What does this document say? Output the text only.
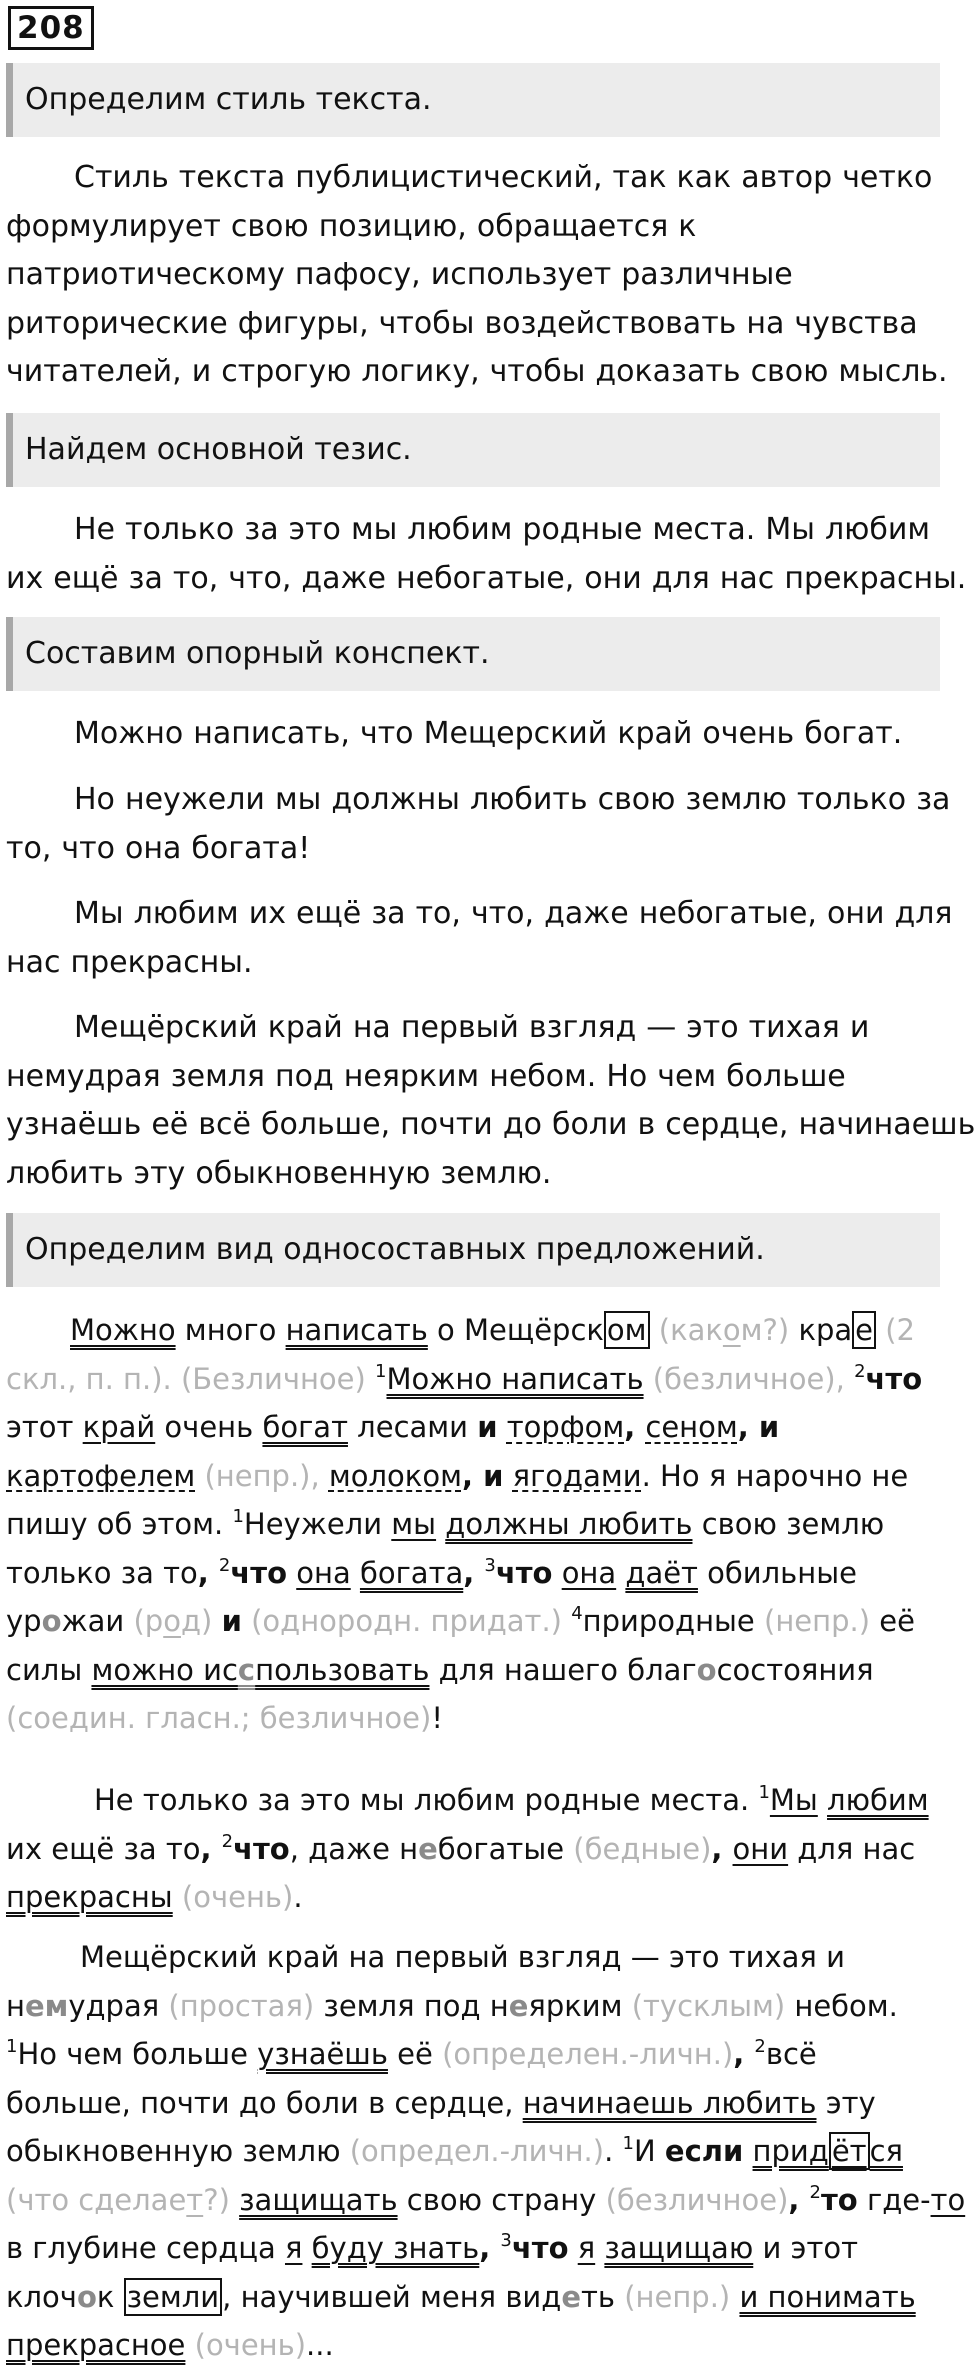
208
Определим стиль текста.
Стиль текста публицистический, так как автор четко
формулирует свою позицию, обращается к
патриотическому пафосу, использует различные
риторические фигуры, чтобы воздействовать на чувства
читателей, и строгую логику, чтобы доказать свою мысль.
Найдем основной тезис.
Не только за это мы любим родные места. Мы любим
их ещё за то, что, даже небогатые, они для нас прекрасны.
Составим опорный конспект.
Можно написать, что Мещерский край очень богат.
Но неужели мы должны любить свою землю только за
то, что она богата!
Мы любим их ещё за то, что, даже небогатые, они для
нас прекрасны.
Мещёрский край на первый взгляд — это тихая и
немудрая земля под неярким небом. Но чем больше
узнаёшь её всё больше, почти до боли в сердце, начинаешь
любить эту обыкновенную землю.
Определим вид односоставных предложений.
Можно много написать о Мещёрск ом (каком?) кра е (2
скл., п. п.). (Безличное) $^1$Можно написать (безличное), $^2$что
этот край очень богат лесами и торфом, сеном, и
картофелем (непр.), молоком, и ягодами. Но я нарочно не
пишу об этом. $^1$Неужели мы должны любить свою землю
только за то, $^2$что она богата, $^3$что она даёт обильные
урожаи (род) и (однородн. придат.) $^4$природные (непр.) её
силы можно исспользовать для нашего благосостояния
(соедин. гласн.; безличное)!
Не только за это мы любим родные места. $^1$Мы любим
их ещё за то, $^2$что, даже небогатые (бедные), они для нас
прекрасны (очень).
Мещёрский край на первый взгляд — это тихая и
немудрая (простая) земля под неярким (тусклым) небом.
$^1$Но чем больше узнаёшь её (определен.-личн.), $^2$всё
больше, почти до боли в сердце, начинаешь любить эту
обыкновенную землю (определ.-личн.). $^1$И если прид ёт ся
(что сделает?) защищать свою страну (безличное), $^2$то где-то
в глубине сердца я буду знать, $^3$что я защищаю и этот
клочок земли , научившей меня видеть (непр.) и понимать
прекрасное (очень)...
